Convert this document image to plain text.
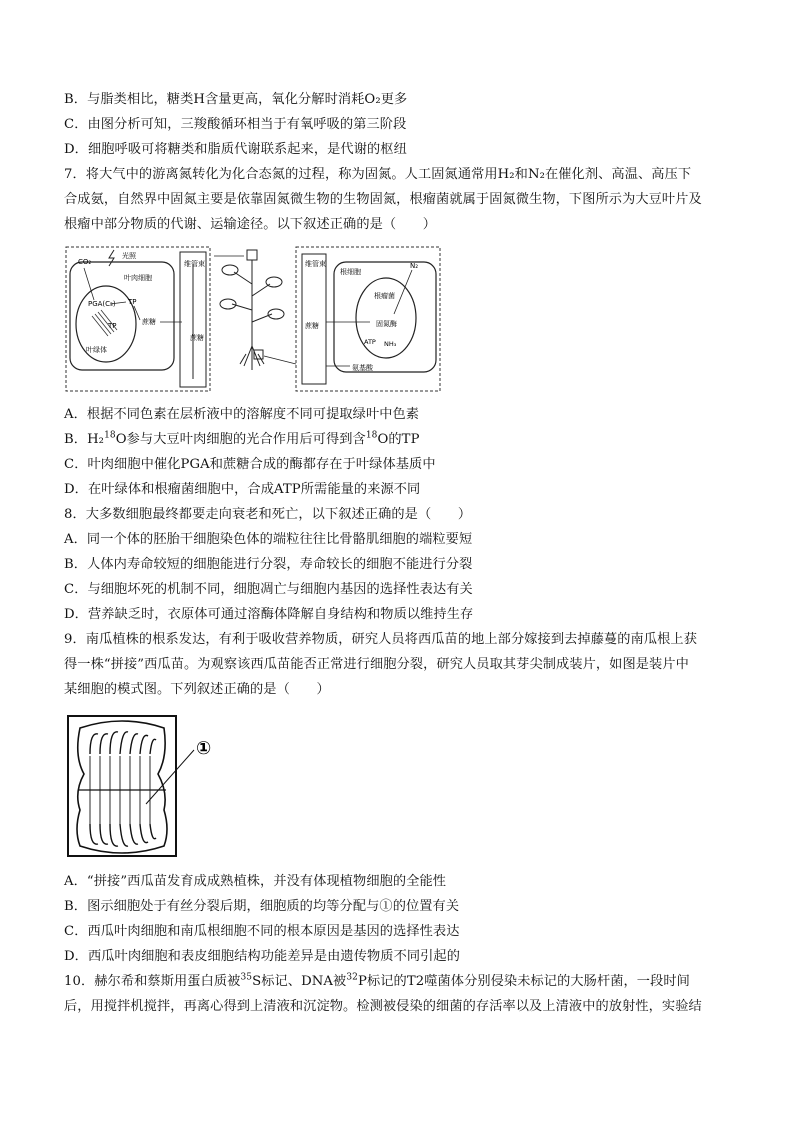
B．与脂类相比，糖类H含量更高，氧化分解时消耗O₂更多
C．由图分析可知，三羧酸循环相当于有氧呼吸的第三阶段
D．细胞呼吸可将糖类和脂质代谢联系起来，是代谢的枢纽
7．将大气中的游离氮转化为化合态氮的过程，称为固氮。人工固氮通常用H₂和N₂在催化剂、高温、高压下
合成氨，自然界中固氮主要是依靠固氮微生物的生物固氮，根瘤菌就属于固氮微生物，下图所示为大豆叶片及
根瘤中部分物质的代谢、运输途径。以下叙述正确的是（　　）
CO₂
光照
叶肉细胞
PGA(C₃) TP
TP	蔗糖
叶绿体
维管束
蔗糖
维管束
蔗糖
根细胞
N₂
根瘤菌
固氮酶
ATP NH₃
氨基酸
A．根据不同色素在层析液中的溶解度不同可提取绿叶中色素
B．H₂$^{18}$O参与大豆叶肉细胞的光合作用后可得到含$^{18}$O的TP
C．叶肉细胞中催化PGA和蔗糖合成的酶都存在于叶绿体基质中
D．在叶绿体和根瘤菌细胞中，合成ATP所需能量的来源不同
8．大多数细胞最终都要走向衰老和死亡，以下叙述正确的是（　　）
A．同一个体的胚胎干细胞染色体的端粒往往比骨骼肌细胞的端粒要短
B．人体内寿命较短的细胞能进行分裂，寿命较长的细胞不能进行分裂
C．与细胞坏死的机制不同，细胞凋亡与细胞内基因的选择性表达有关
D．营养缺乏时，衣原体可通过溶酶体降解自身结构和物质以维持生存
9．南瓜植株的根系发达，有利于吸收营养物质，研究人员将西瓜苗的地上部分嫁接到去掉藤蔓的南瓜根上获
得一株“拼接”西瓜苗。为观察该西瓜苗能否正常进行细胞分裂，研究人员取其芽尖制成装片，如图是装片中
某细胞的模式图。下列叙述正确的是（　　）
①
A．“拼接”西瓜苗发育成成熟植株，并没有体现植物细胞的全能性
B．图示细胞处于有丝分裂后期，细胞质的均等分配与①的位置有关
C．西瓜叶肉细胞和南瓜根细胞不同的根本原因是基因的选择性表达
D．西瓜叶肉细胞和表皮细胞结构功能差异是由遗传物质不同引起的
10．赫尔希和蔡斯用蛋白质被$^{35}$S标记、DNA被$^{32}$P标记的T2噬菌体分别侵染未标记的大肠杆菌，一段时间
后，用搅拌机搅拌，再离心得到上清液和沉淀物。检测被侵染的细菌的存活率以及上清液中的放射性，实验结
